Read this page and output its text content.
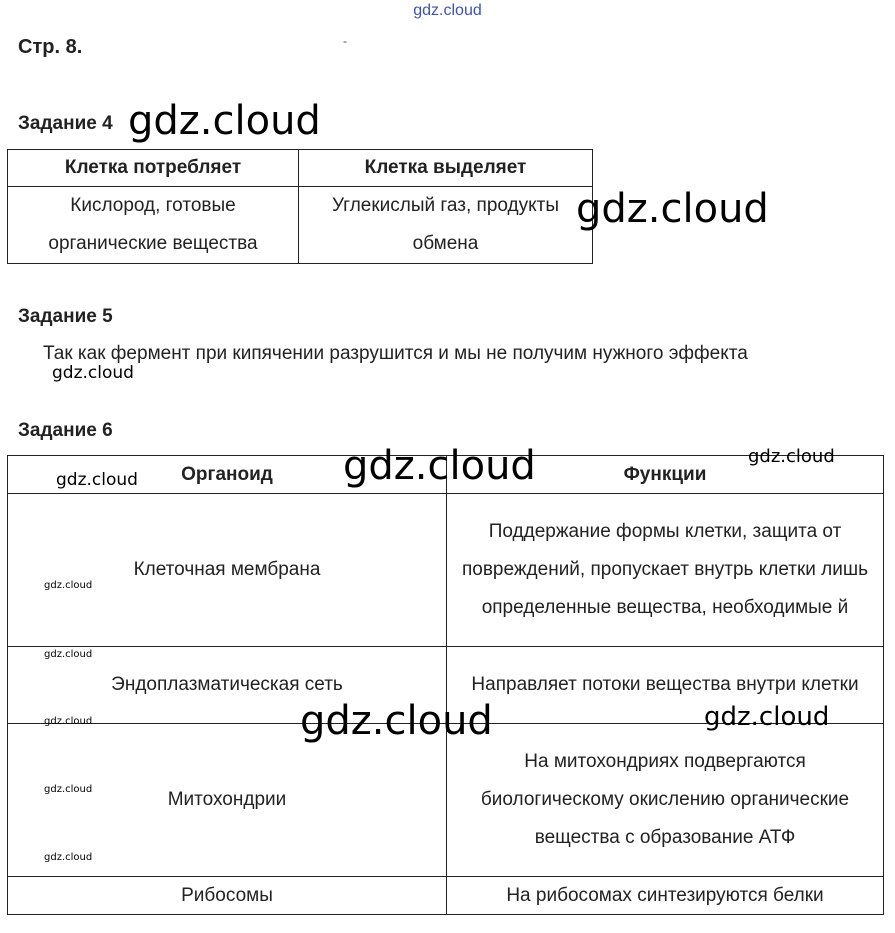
gdz.cloud
Стр. 8.	-
Задание 4
Клетка потребляет	Клетка выделяет
Кислород, готовые органические вещества	Углекислый газ, продукты обмена
Задание 5
Так как фермент при кипячении разрушится и мы не получим нужного эффекта
Задание 6
Органоид	Функции
Клеточная мембрана	Поддержание формы клетки, защита от повреждений, пропускает внутрь клетки лишь определенные вещества, необходимые й
Эндоплазматическая сеть	Направляет потоки вещества внутри клетки
Митохондрии	На митохондриях подвергаются биологическому окислению органические вещества с образование АТФ
Рибосомы	На рибосомах синтезируются белки
gdz.cloud
gdz.cloud
gdz.cloud
gdz.cloud	gdz.cloud
gdz.cloud
gdz.cloud
gdz.cloud
gdz.cloud	gdz.cloud	gdz.cloud
gdz.cloud
gdz.cloud
